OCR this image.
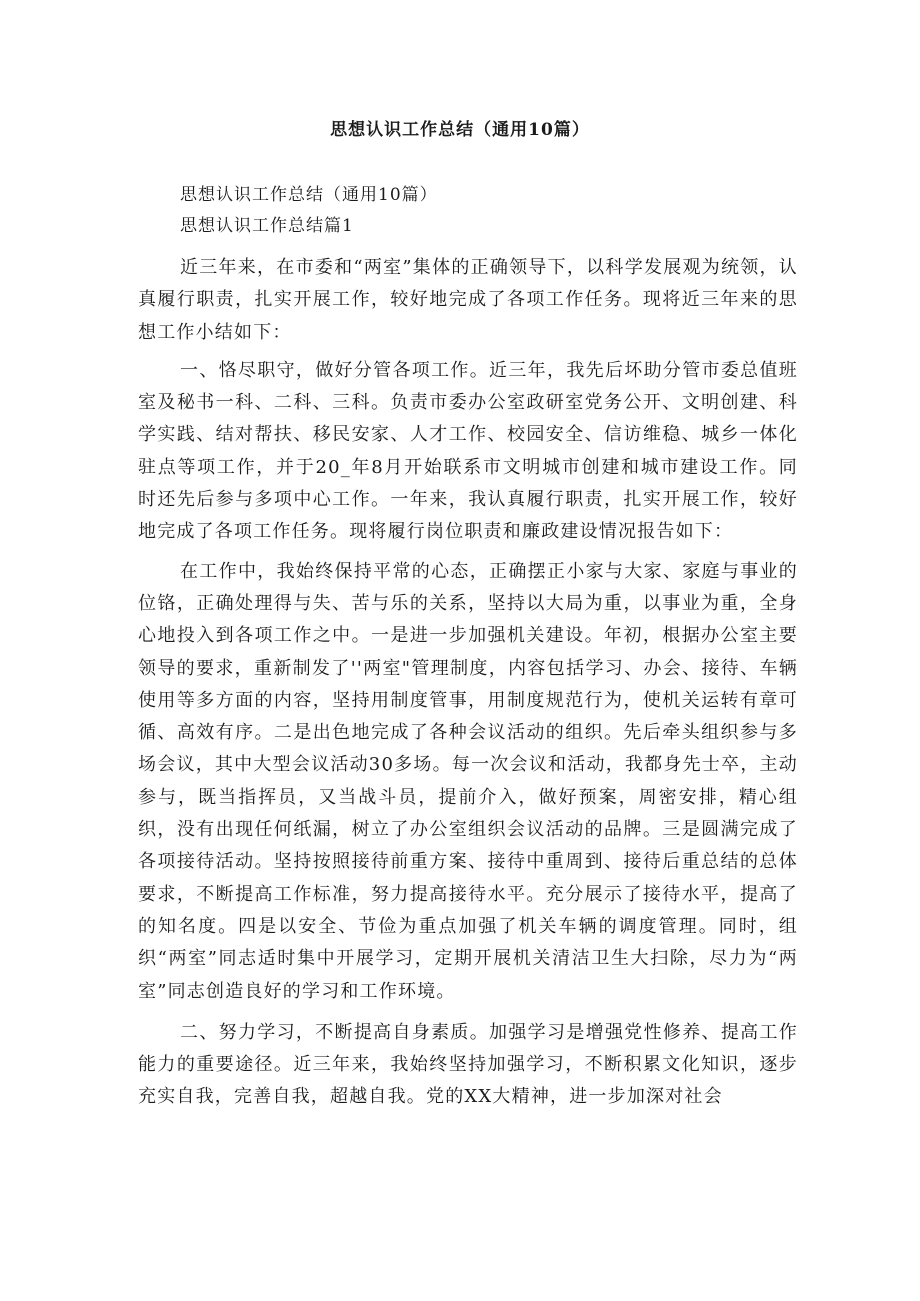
思想认识工作总结（通用10篇）

思想认识工作总结（通用10篇）

思想认识工作总结篇1

近三年来，在市委和“两室”集体的正确领导下，以科学发展观为统领，认真履行职责，扎实开展工作，较好地完成了各项工作任务。现将近三年来的思想工作小结如下：

一、恪尽职守，做好分管各项工作。近三年，我先后坏助分管市委总值班室及秘书一科、二科、三科。负责市委办公室政研室党务公开、文明创建、科学实践、结对帮扶、移民安家、人才工作、校园安全、信访维稳、城乡一体化驻点等项工作，并于20_年8月开始联系市文明城市创建和城市建设工作。同时还先后参与多项中心工作。一年来，我认真履行职责，扎实开展工作，较好地完成了各项工作任务。现将履行岗位职责和廉政建设情况报告如下：

在工作中，我始终保持平常的心态，正确摆正小家与大家、家庭与事业的位铬，正确处理得与失、苦与乐的关系，坚持以大局为重，以事业为重，全身心地投入到各项工作之中。一是进一步加强机关建设。年初，根据办公室主要领导的要求，重新制发了''两室"管理制度，内容包括学习、办会、接待、车辆使用等多方面的内容，坚持用制度管事，用制度规范行为，使机关运转有章可循、高效有序。二是出色地完成了各种会议活动的组织。先后牵头组织参与多场会议，其中大型会议活动30多场。每一次会议和活动，我都身先士卒，主动参与，既当指挥员，又当战斗员，提前介入，做好预案，周密安排，精心组织，没有出现任何纸漏，树立了办公室组织会议活动的品牌。三是圆满完成了各项接待活动。坚持按照接待前重方案、接待中重周到、接待后重总结的总体要求，不断提高工作标准，努力提高接待水平。充分展示了接待水平，提高了的知名度。四是以安全、节俭为重点加强了机关车辆的调度管理。同时，组织“两室”同志适时集中开展学习，定期开展机关清洁卫生大扫除，尽力为“两室”同志创造良好的学习和工作环境。

二、努力学习，不断提高自身素质。加强学习是增强党性修养、提高工作能力的重要途径。近三年来，我始终坚持加强学习，不断积累文化知识，逐步充实自我，完善自我，超越自我。党的XX大精神，进一步加深对社会
